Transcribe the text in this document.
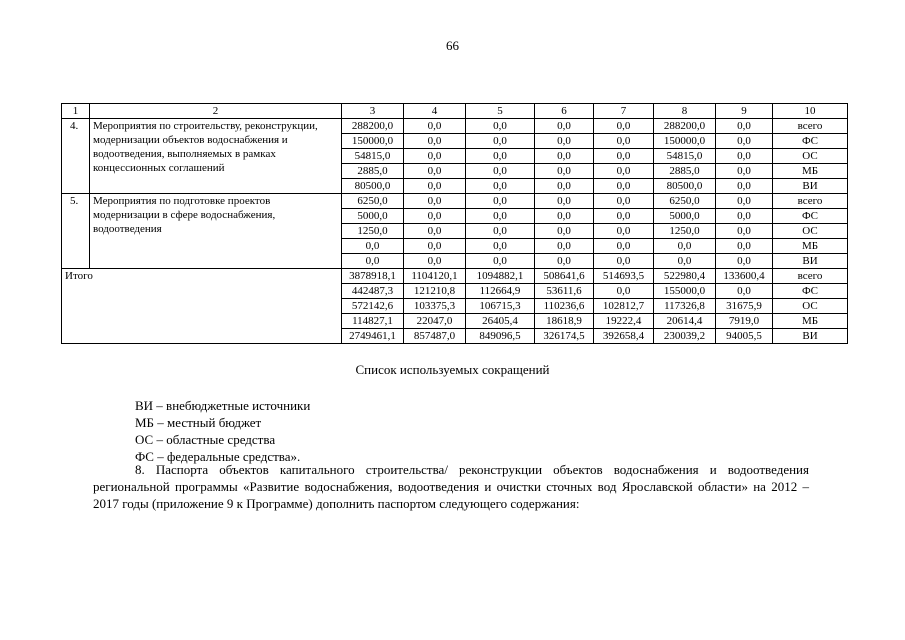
66
1	2	3	4	5	6	7	8	9	10
4.	Мероприятия по строительству, реконструкции, модернизации объектов водоснабжения и водоотведения, выполняемых в рамках концессионных соглашений	288200,0	0,0	0,0	0,0	0,0	288200,0	0,0	всего
		150000,0	0,0	0,0	0,0	0,0	150000,0	0,0	ФС
		54815,0	0,0	0,0	0,0	0,0	54815,0	0,0	ОС
		2885,0	0,0	0,0	0,0	0,0	2885,0	0,0	МБ
		80500,0	0,0	0,0	0,0	0,0	80500,0	0,0	ВИ
5.	Мероприятия по подготовке проектов модернизации в сфере водоснабжения, водоотведения	6250,0	0,0	0,0	0,0	0,0	6250,0	0,0	всего
		5000,0	0,0	0,0	0,0	0,0	5000,0	0,0	ФС
		1250,0	0,0	0,0	0,0	0,0	1250,0	0,0	ОС
		0,0	0,0	0,0	0,0	0,0	0,0	0,0	МБ
		0,0	0,0	0,0	0,0	0,0	0,0	0,0	ВИ
Итого		3878918,1	1104120,1	1094882,1	508641,6	514693,5	522980,4	133600,4	всего
		442487,3	121210,8	112664,9	53611,6	0,0	155000,0	0,0	ФС
		572142,6	103375,3	106715,3	110236,6	102812,7	117326,8	31675,9	ОС
		114827,1	22047,0	26405,4	18618,9	19222,4	20614,4	7919,0	МБ
		2749461,1	857487,0	849096,5	326174,5	392658,4	230039,2	94005,5	ВИ
Список используемых сокращений
ВИ – внебюджетные источники
МБ – местный бюджет
ОС – областные средства
ФС – федеральные средства».
8. Паспорта объектов капитального строительства/ реконструкции объектов водоснабжения и водоотведения региональной программы «Развитие водоснабжения, водоотведения и очистки сточных вод Ярославской области» на 2012 – 2017 годы (приложение 9 к Программе) дополнить паспортом следующего содержания:
